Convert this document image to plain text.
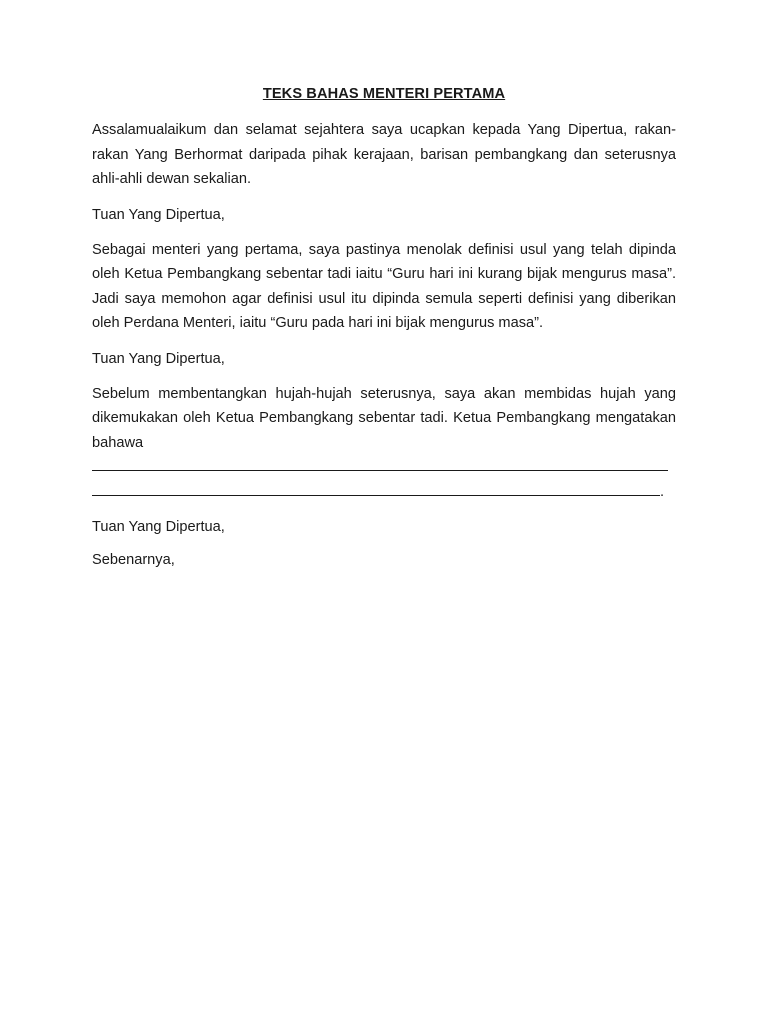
TEKS BAHAS MENTERI PERTAMA

Assalamualaikum dan selamat sejahtera saya ucapkan kepada Yang Dipertua, rakan-rakan Yang Berhormat daripada pihak kerajaan, barisan pembangkang dan seterusnya ahli-ahli dewan sekalian.

Tuan Yang Dipertua,

Sebagai menteri yang pertama, saya pastinya menolak definisi usul yang telah dipinda oleh Ketua Pembangkang sebentar tadi iaitu “Guru hari ini kurang bijak mengurus masa”. Jadi saya memohon agar definisi usul itu dipinda semula seperti definisi yang diberikan oleh Perdana Menteri, iaitu “Guru pada hari ini bijak mengurus masa”.

Tuan Yang Dipertua,

Sebelum membentangkan hujah-hujah seterusnya, saya akan membidas hujah yang dikemukakan oleh Ketua Pembangkang sebentar tadi. Ketua Pembangkang mengatakan bahawa

.

Tuan Yang Dipertua,

Sebenarnya,
